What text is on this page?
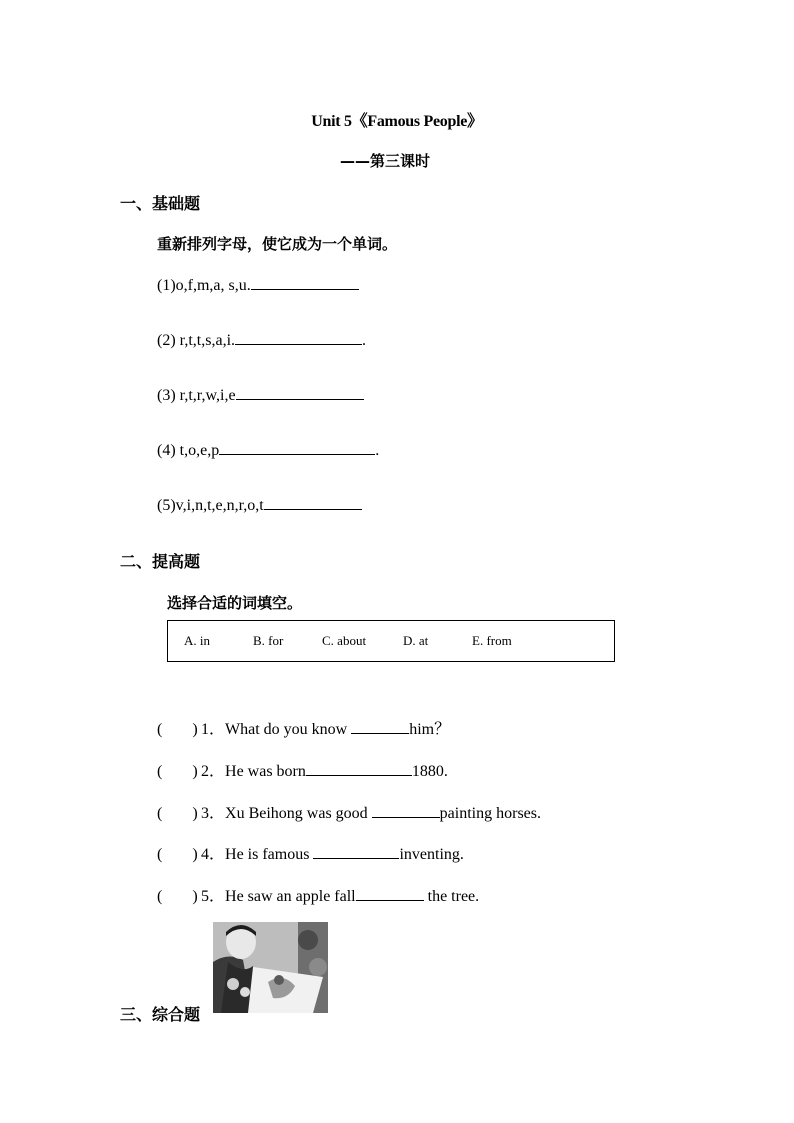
Unit 5《Famous People》
——第三课时
一、基础题
重新排列字母，使它成为一个单词。
(1)o,f,m,a, s,u.
(2) r,t,t,s,a,i.	.
(3) r,t,r,w,i,e
(4) t,o,e,p	.
(5)v,i,n,t,e,n,r,o,t
二、提高题
选择合适的词填空。
A. in	B. for	C. about	D. at	E. from
( ) 1．What do you know	him？
( ) 2．He was born	1880.
( ) 3．Xu Beihong was good	painting horses.
( ) 4．He is famous	inventing.
( ) 5．He saw an apple fall	the tree.
三、综合题
